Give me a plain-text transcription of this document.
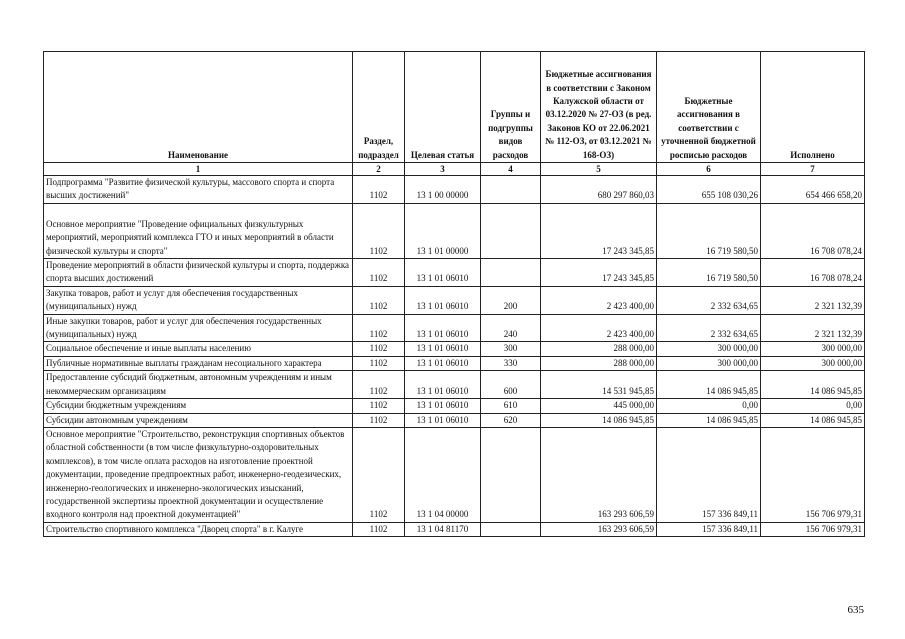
Наименование	Раздел, подраздел	Целевая статья	Группы и подгруппы видов расходов	Бюджетные ассигнования в соответствии с Законом Калужской области от 03.12.2020 № 27-ОЗ (в ред. Законов КО от 22.06.2021 № 112-ОЗ, от 03.12.2021 № 168-ОЗ)	Бюджетные ассигнования в соответствии с уточненной бюджетной росписью расходов	Исполнено
1	2	3	4	5	6	7
Подпрограмма "Развитие физической культуры, массового спорта и спорта высших достижений"	1102	13 1 00 00000		680 297 860,03	655 108 030,26	654 466 658,20
Основное мероприятие "Проведение официальных физкультурных мероприятий, мероприятий комплекса ГТО и иных мероприятий в области физической культуры и спорта"	1102	13 1 01 00000		17 243 345,85	16 719 580,50	16 708 078,24
Проведение мероприятий в области физической культуры и спорта, поддержка спорта высших достижений	1102	13 1 01 06010		17 243 345,85	16 719 580,50	16 708 078,24
Закупка товаров, работ и услуг для обеспечения государственных (муниципальных) нужд	1102	13 1 01 06010	200	2 423 400,00	2 332 634,65	2 321 132,39
Иные закупки товаров, работ и услуг для обеспечения государственных (муниципальных) нужд	1102	13 1 01 06010	240	2 423 400,00	2 332 634,65	2 321 132,39
Социальное обеспечение и иные выплаты населению	1102	13 1 01 06010	300	288 000,00	300 000,00	300 000,00
Публичные нормативные выплаты гражданам несоциального характера	1102	13 1 01 06010	330	288 000,00	300 000,00	300 000,00
Предоставление субсидий бюджетным, автономным учреждениям и иным некоммерческим организациям	1102	13 1 01 06010	600	14 531 945,85	14 086 945,85	14 086 945,85
Субсидии бюджетным учреждениям	1102	13 1 01 06010	610	445 000,00	0,00	0,00
Субсидии автономным учреждениям	1102	13 1 01 06010	620	14 086 945,85	14 086 945,85	14 086 945,85
Основное мероприятие "Строительство, реконструкция спортивных объектов областной собственности (в том числе физкультурно-оздоровительных комплексов), в том числе оплата расходов на изготовление проектной документации, проведение предпроектных работ, инженерно-геодезических, инженерно-геологических и инженерно-экологических изысканий, государственной экспертизы проектной документации и осуществление входного контроля над проектной документацией"	1102	13 1 04 00000		163 293 606,59	157 336 849,11	156 706 979,31
Строительство спортивного комплекса "Дворец спорта" в г. Калуге	1102	13 1 04 81170		163 293 606,59	157 336 849,11	156 706 979,31
635
